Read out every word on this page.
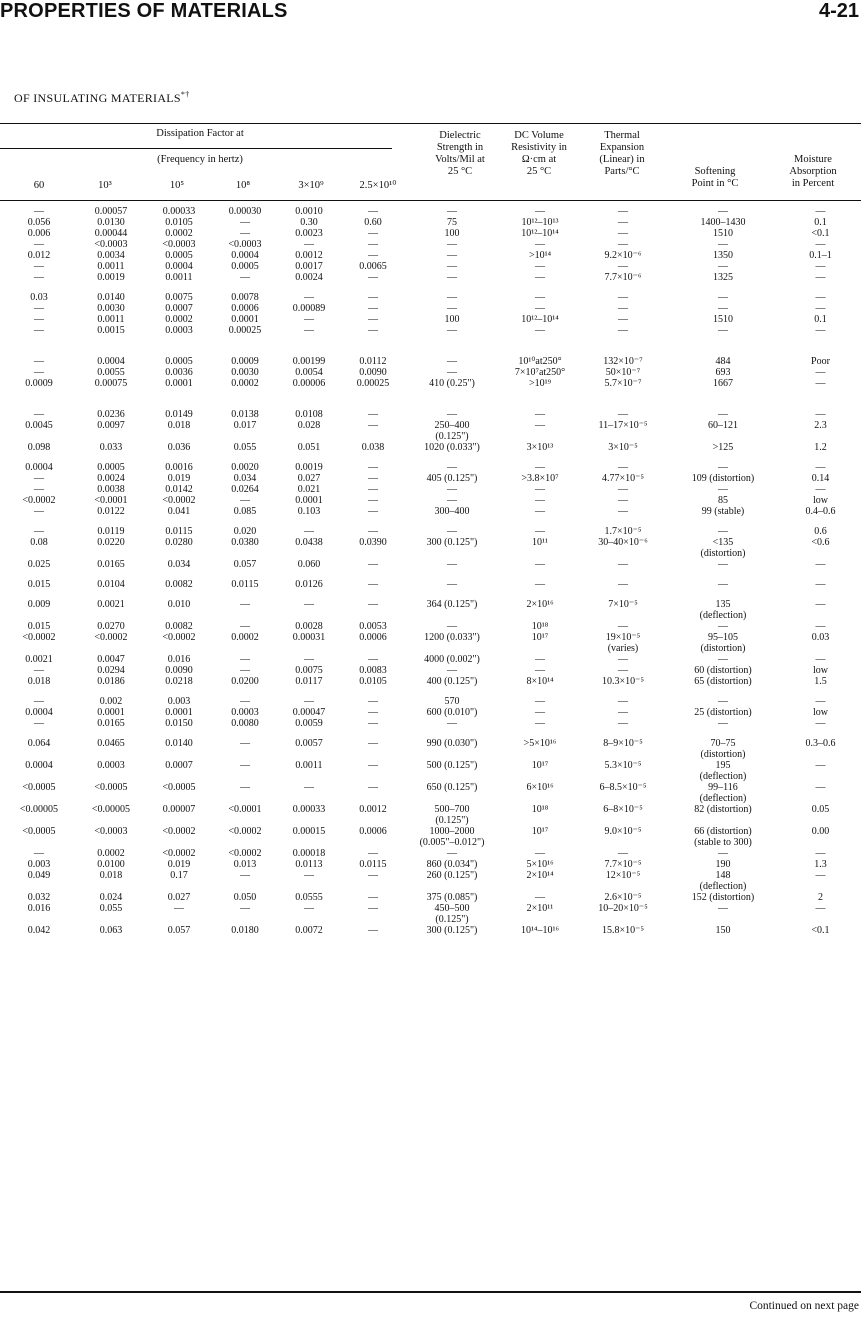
PROPERTIES OF MATERIALS	4-21
OF INSULATING MATERIALS*†
Dissipation Factor at
(Frequency in hertz)
60	10³	10⁵	10⁸	3×10⁹	2.5×10¹⁰
Dielectric
Strength in
Volts/Mil at
25 °C
DC Volume
Resistivity in
Ω·cm at
25 °C
Thermal
Expansion
(Linear) in
Parts/°C	Softening
Point in °C
Moisture
Absorption
in Percent
—	0.00057	0.00033	0.00030	0.0010	—	—	—	—	—	—
0.056	0.0130	0.0105	—	0.30	0.60	75	10¹²–10¹³	—	1400–1430	0.1
0.006	0.00044	0.0002	—	0.0023	—	100	10¹²–10¹⁴	—	1510	<0.1
—	<0.0003	<0.0003	<0.0003	—	—	—	—	—	—	—
0.012	0.0034	0.0005	0.0004	0.0012	—	—	>10¹⁴	9.2×10⁻⁶	1350	0.1–1
—	0.0011	0.0004	0.0005	0.0017	0.0065	—	—	—	—	—
—	0.0019	0.0011	—	0.0024	—	—	—	7.7×10⁻⁶	1325	—

0.03	0.0140	0.0075	0.0078	—	—	—	—	—	—	—
—	0.0030	0.0007	0.0006	0.00089	—	—	—	—	—	—
—	0.0011	0.0002	0.0001	—	—	100	10¹²–10¹⁴	—	1510	0.1
—	0.0015	0.0003	0.00025	—	—	—	—	—	—	—

—	0.0004	0.0005	0.0009	0.00199	0.0112	—	10¹⁰at250°	132×10⁻⁷	484	Poor
—	0.0055	0.0036	0.0030	0.0054	0.0090	—	7×10⁷at250°	50×10⁻⁷	693	—
0.0009	0.00075	0.0001	0.0002	0.00006	0.00025	410 (0.25")	>10¹⁹	5.7×10⁻⁷	1667	—

—	0.0236	0.0149	0.0138	0.0108	—	—	—	—	—	—
0.0045	0.0097	0.018	0.017	0.028	—	250–400
(0.125")	—	11–17×10⁻⁵	60–121	2.3
0.098	0.033	0.036	0.055	0.051	0.038	1020 (0.033")	3×10¹³	3×10⁻⁵	>125	1.2

0.0004	0.0005	0.0016	0.0020	0.0019	—	—	—	—	—	—
—	0.0024	0.019	0.034	0.027	—	405 (0.125")	>3.8×10⁷	4.77×10⁻⁵	109 (distortion)	0.14
—	0.0038	0.0142	0.0264	0.021	—	—	—	—	—	—
<0.0002	<0.0001	<0.0002	—	0.0001	—	—	—	—	85	low
—	0.0122	0.041	0.085	0.103	—	300–400	—	—	99 (stable)	0.4–0.6

—	0.0119	0.0115	0.020	—	—	—	—	1.7×10⁻⁵	—	0.6
0.08	0.0220	0.0280	0.0380	0.0438	0.0390	300 (0.125")	10¹¹	30–40×10⁻⁶	<135
(distortion)	<0.6
0.025	0.0165	0.034	0.057	0.060	—	—	—	—	—	—

0.015	0.0104	0.0082	0.0115	0.0126	—	—	—	—	—	—

0.009	0.0021	0.010	—	—	—	364 (0.125")	2×10¹⁶	7×10⁻⁵	135
(deflection)	—
0.015	0.0270	0.0082	—	0.0028	0.0053	—	10¹⁸	—	—	—
<0.0002	<0.0002	<0.0002	0.0002	0.00031	0.0006	1200 (0.033")	10¹⁷	19×10⁻⁵
(varies)	95–105
(distortion)	0.03
0.0021	0.0047	0.016	—	—	—	4000 (0.002")	—	—	—	—
—	0.0294	0.0090	—	0.0075	0.0083	—	—	—	60 (distortion)	low
0.018	0.0186	0.0218	0.0200	0.0117	0.0105	400 (0.125")	8×10¹⁴	10.3×10⁻⁵	65 (distortion)	1.5

—	0.002	0.003	—	—	—	570	—	—	—	—
0.0004	0.0001	0.0001	0.0003	0.00047	—	600 (0.010")	—	—	25 (distortion)	low
—	0.0165	0.0150	0.0080	0.0059	—	—	—	—	—	—

0.064	0.0465	0.0140	—	0.0057	—	990 (0.030")	>5×10¹⁶	8–9×10⁻⁵	70–75
(distortion)	0.3–0.6
0.0004	0.0003	0.0007	—	0.0011	—	500 (0.125")	10¹⁷	5.3×10⁻⁵	195
(deflection)	—
<0.0005	<0.0005	<0.0005	—	—	—	650 (0.125")	6×10¹⁶	6–8.5×10⁻⁵	99–116
(deflection)	—
<0.00005	<0.00005	0.00007	<0.0001	0.00033	0.0012	500–700
(0.125")	10¹⁸	6–8×10⁻⁵	82 (distortion)	0.05
<0.0005	<0.0003	<0.0002	<0.0002	0.00015	0.0006	1000–2000
(0.005"–0.012")	10¹⁷	9.0×10⁻⁵	66 (distortion)
(stable to 300)	0.00
—	0.0002	<0.0002	<0.0002	0.00018	—	—	—	—	—	—
0.003	0.0100	0.019	0.013	0.0113	0.0115	860 (0.034")	5×10¹⁶	7.7×10⁻⁵	190	1.3
0.049	0.018	0.17	—	—	—	260 (0.125")	2×10¹⁴	12×10⁻⁵	148
(deflection)	—
0.032	0.024	0.027	0.050	0.0555	—	375 (0.085")	—	2.6×10⁻⁵	152 (distortion)	2
0.016	0.055	—	—	—	—	450–500
(0.125")	2×10¹¹	10–20×10⁻⁵	—	—
0.042	0.063	0.057	0.0180	0.0072	—	300 (0.125")	10¹⁴–10¹⁶	15.8×10⁻⁵	150	<0.1
Continued on next page
